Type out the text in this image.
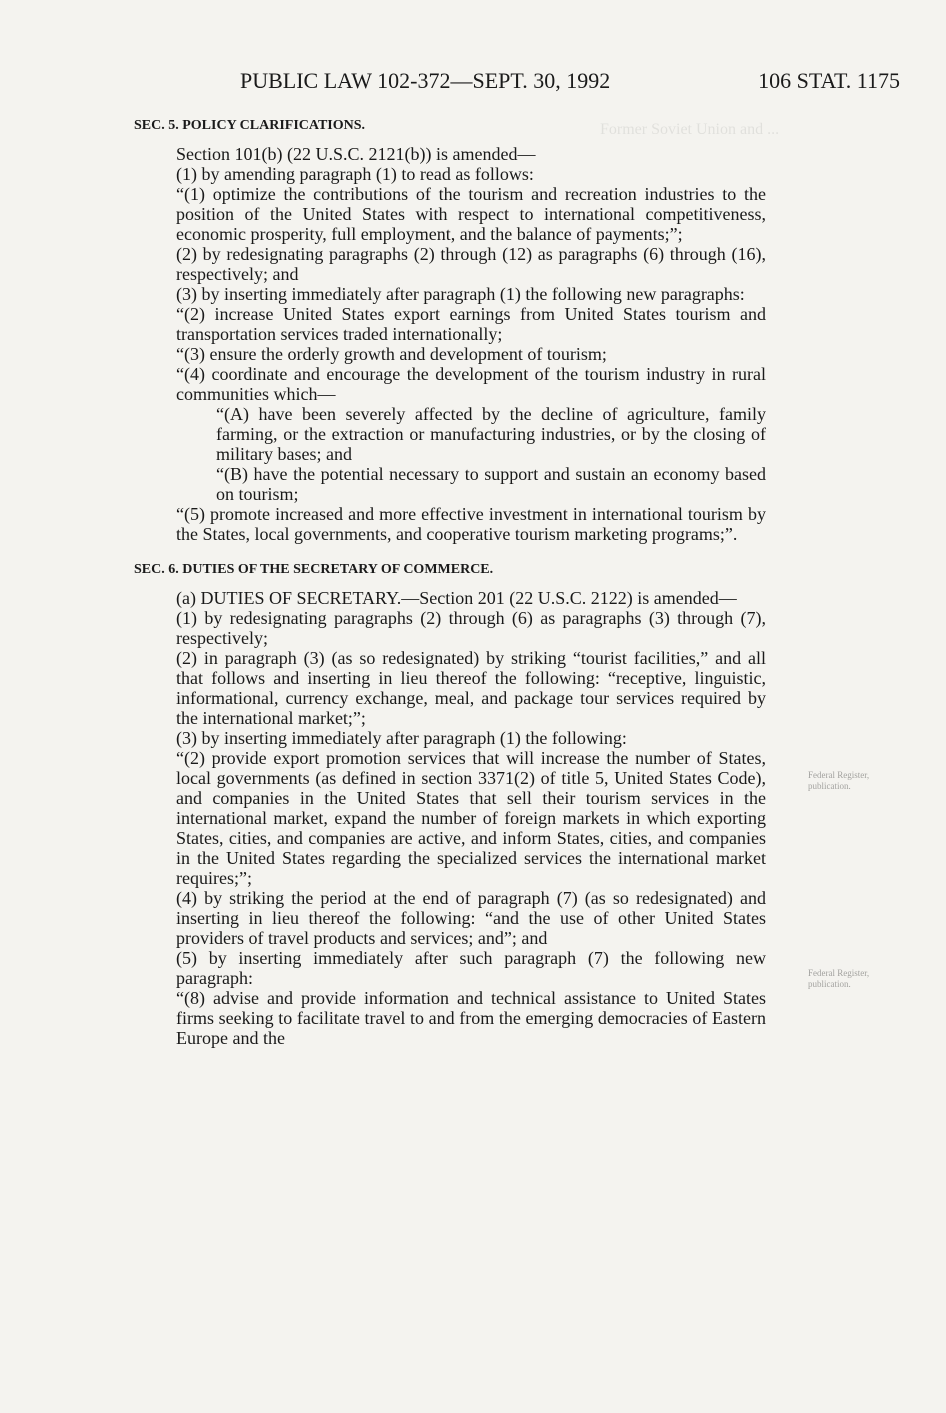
Former Soviet Union and ...
Federal Register, publication.
Federal Register, publication.
PUBLIC LAW 102-372—SEPT. 30, 1992	106 STAT. 1175
SEC. 5. POLICY CLARIFICATIONS.

Section 101(b) (22 U.S.C. 2121(b)) is amended—

(1) by amending paragraph (1) to read as follows:

“(1) optimize the contributions of the tourism and recreation industries to the position of the United States with respect to international competitiveness, economic prosperity, full employment, and the balance of payments;”;

(2) by redesignating paragraphs (2) through (12) as paragraphs (6) through (16), respectively; and

(3) by inserting immediately after paragraph (1) the following new paragraphs:

“(2) increase United States export earnings from United States tourism and transportation services traded internationally;

“(3) ensure the orderly growth and development of tourism;

“(4) coordinate and encourage the development of the tourism industry in rural communities which—

“(A) have been severely affected by the decline of agriculture, family farming, or the extraction or manufacturing industries, or by the closing of military bases; and

“(B) have the potential necessary to support and sustain an economy based on tourism;

“(5) promote increased and more effective investment in international tourism by the States, local governments, and cooperative tourism marketing programs;”.

SEC. 6. DUTIES OF THE SECRETARY OF COMMERCE.

(a) DUTIES OF SECRETARY.—Section 201 (22 U.S.C. 2122) is amended—

(1) by redesignating paragraphs (2) through (6) as paragraphs (3) through (7), respectively;

(2) in paragraph (3) (as so redesignated) by striking “tourist facilities,” and all that follows and inserting in lieu thereof the following: “receptive, linguistic, informational, currency exchange, meal, and package tour services required by the international market;”;

(3) by inserting immediately after paragraph (1) the following:

“(2) provide export promotion services that will increase the number of States, local governments (as defined in section 3371(2) of title 5, United States Code), and companies in the United States that sell their tourism services in the international market, expand the number of foreign markets in which exporting States, cities, and companies are active, and inform States, cities, and companies in the United States regarding the specialized services the international market requires;”;

(4) by striking the period at the end of paragraph (7) (as so redesignated) and inserting in lieu thereof the following: “and the use of other United States providers of travel products and services; and”; and

(5) by inserting immediately after such paragraph (7) the following new paragraph:

“(8) advise and provide information and technical assistance to United States firms seeking to facilitate travel to and from the emerging democracies of Eastern Europe and the
